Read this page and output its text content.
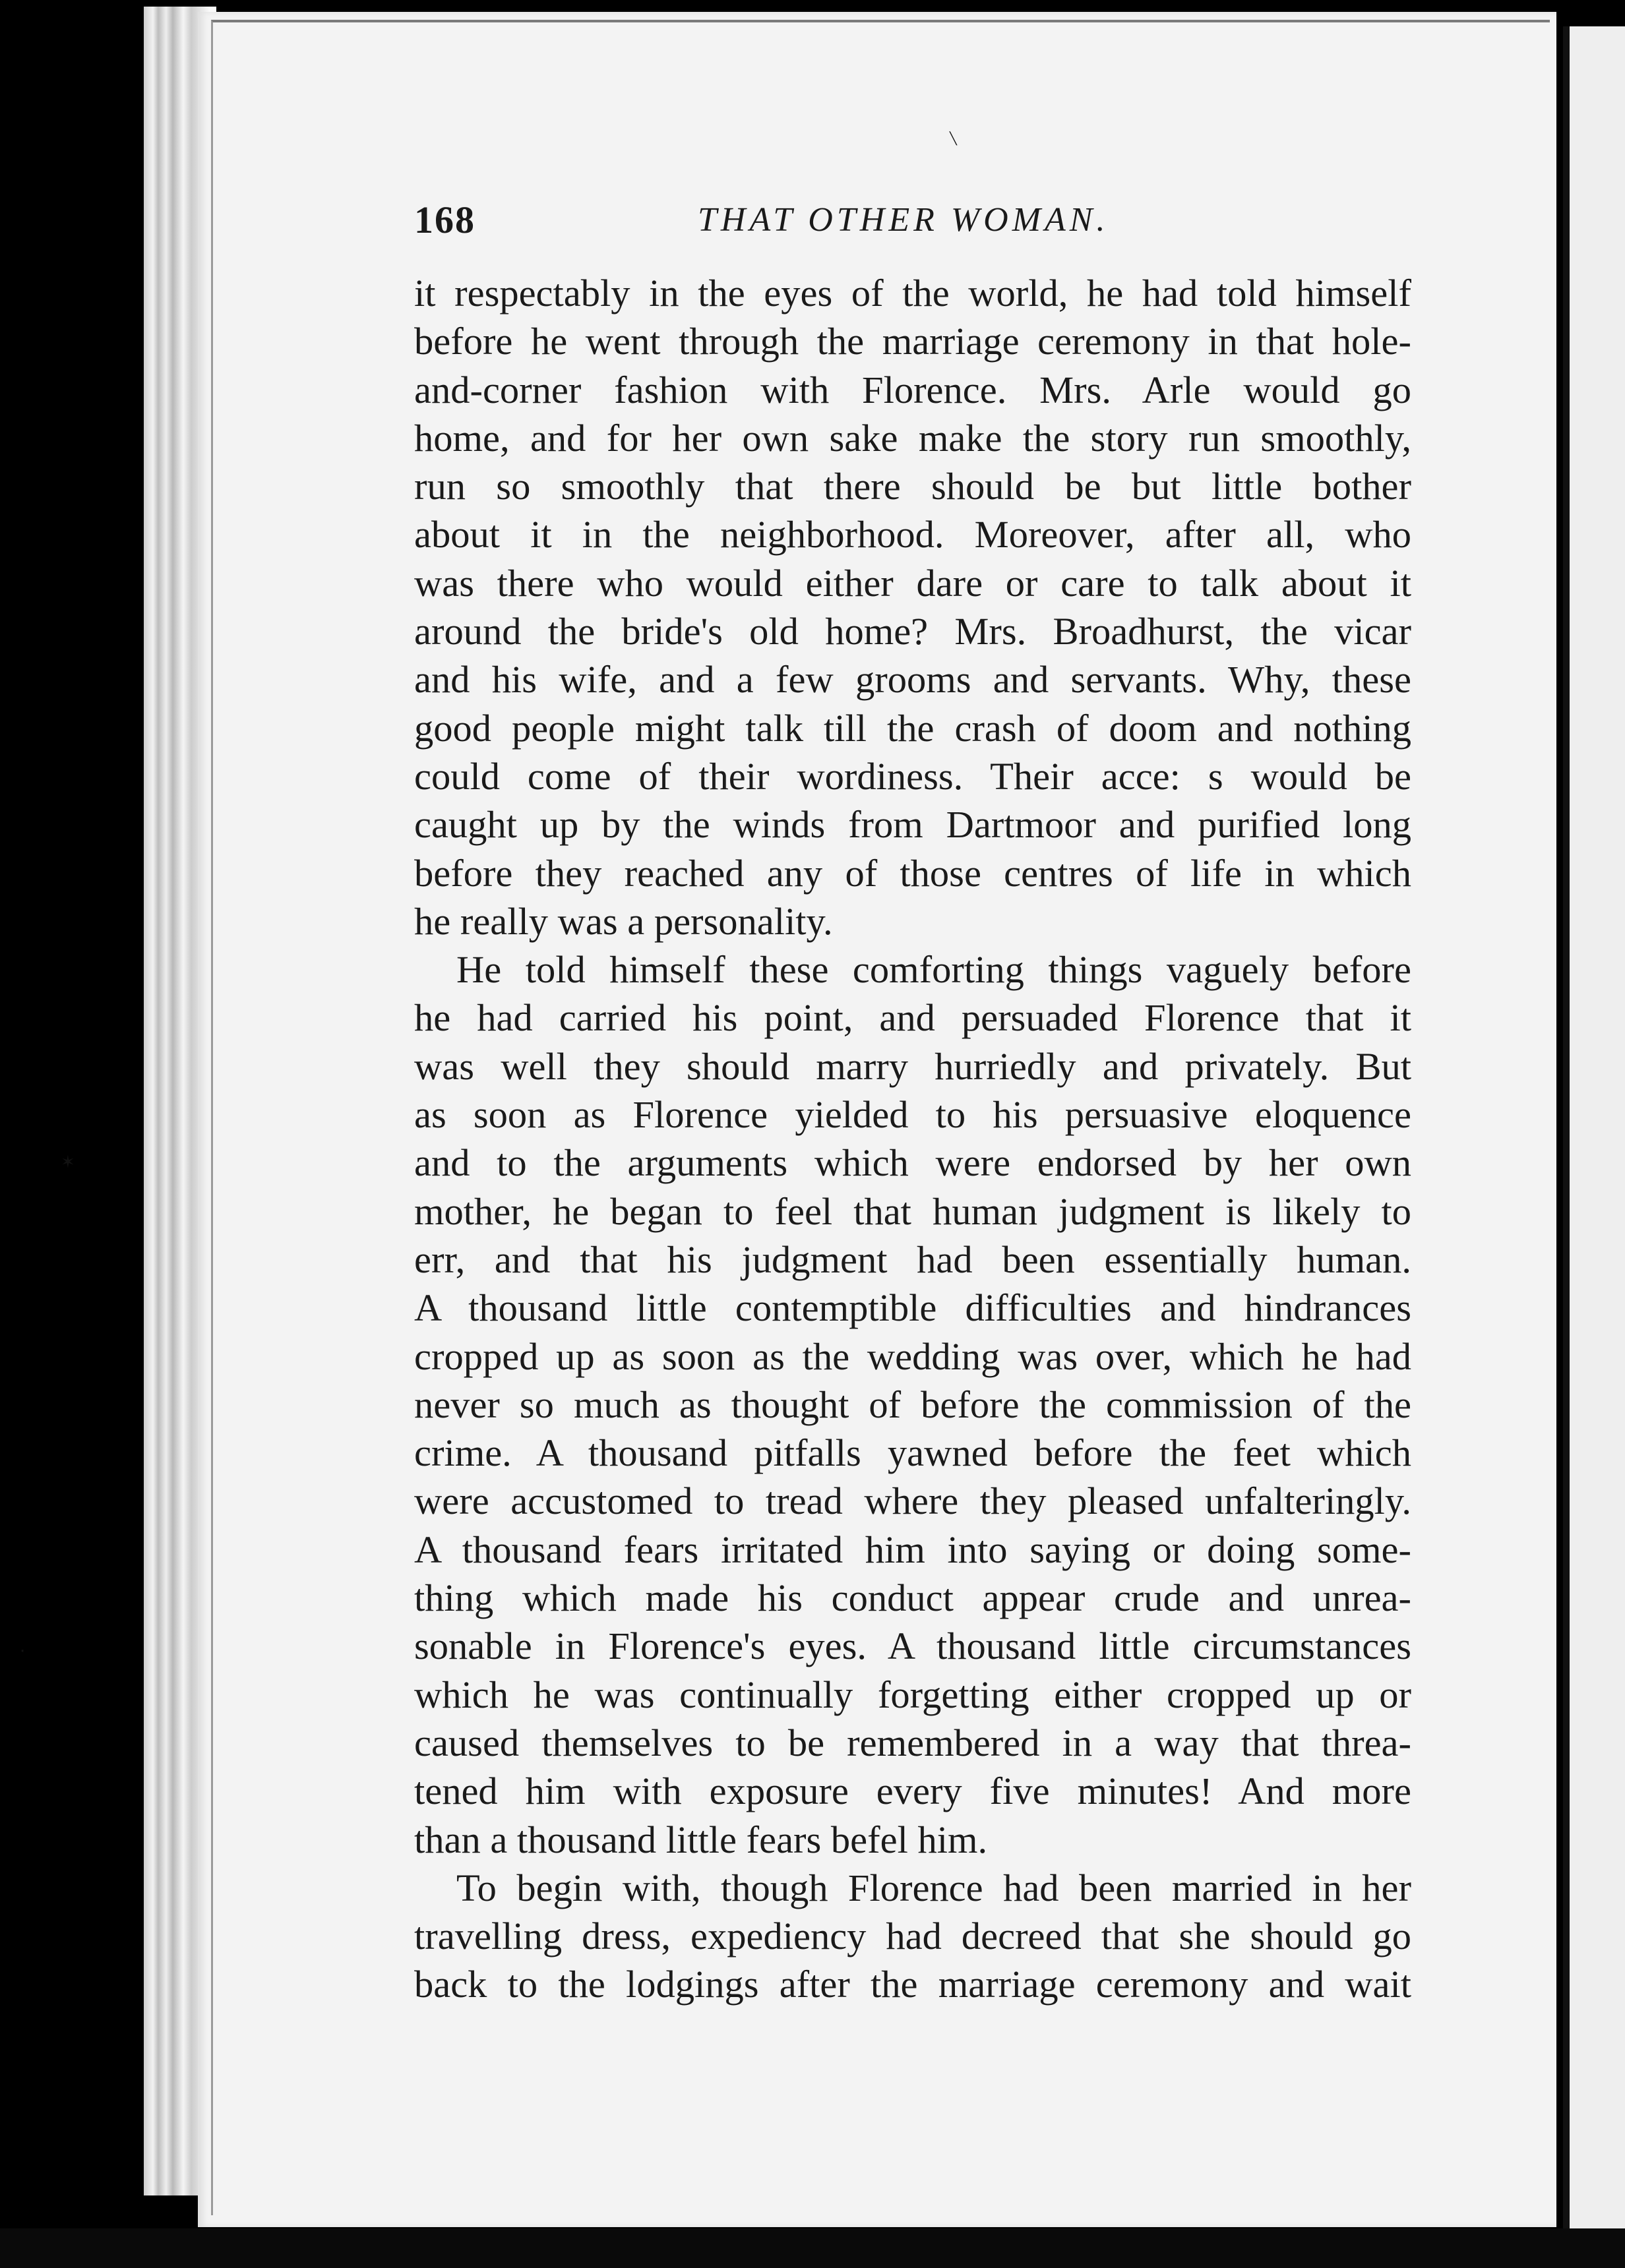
✶
·
╲
168	THAT OTHER WOMAN.
it respectably in the eyes of the world, he had told himself
before he went through the marriage ceremony in that hole-
and-corner fashion with Florence. Mrs. Arle would go
home, and for her own sake make the story run smoothly,
run so smoothly that there should be but little bother
about it in the neighborhood. Moreover, after all, who
was there who would either dare or care to talk about it
around the bride's old home? Mrs. Broadhurst, the vicar
and his wife, and a few grooms and servants. Why, these
good people might talk till the crash of doom and nothing
could come of their wordiness. Their acce: s would be
caught up by the winds from Dartmoor and purified long
before they reached any of those centres of life in which
he really was a personality.
He told himself these comforting things vaguely before
he had carried his point, and persuaded Florence that it
was well they should marry hurriedly and privately. But
as soon as Florence yielded to his persuasive eloquence
and to the arguments which were endorsed by her own
mother, he began to feel that human judgment is likely to
err, and that his judgment had been essentially human.
A thousand little contemptible difficulties and hindrances
cropped up as soon as the wedding was over, which he had
never so much as thought of before the commission of the
crime. A thousand pitfalls yawned before the feet which
were accustomed to tread where they pleased unfalteringly.
A thousand fears irritated him into saying or doing some-
thing which made his conduct appear crude and unrea-
sonable in Florence's eyes. A thousand little circumstances
which he was continually forgetting either cropped up or
caused themselves to be remembered in a way that threa-
tened him with exposure every five minutes! And more
than a thousand little fears befel him.
To begin with, though Florence had been married in her
travelling dress, expediency had decreed that she should go
back to the lodgings after the marriage ceremony and wait
